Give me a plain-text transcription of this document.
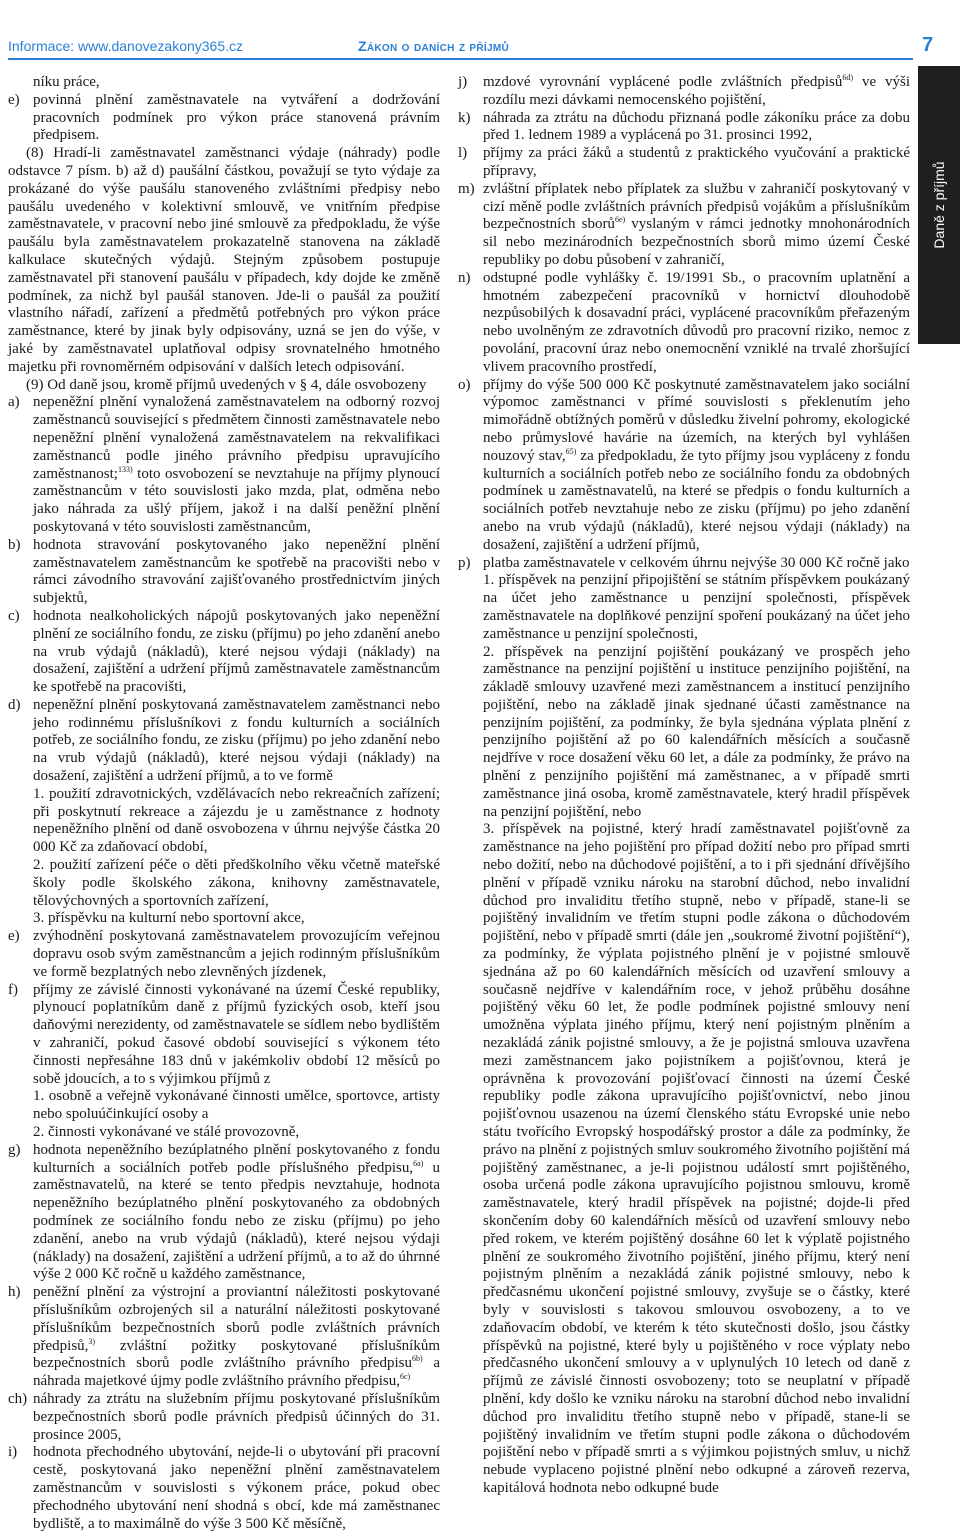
Informace: www.danovezakony365.cz	Zákon o daních z příjmů	7
Daně z příjmů

níku práce,

e) povinná plnění zaměstnavatele na vytváření a dodržování pracovních podmínek pro výkon práce stanovená právním předpisem.

(8) Hradí-li zaměstnavatel zaměstnanci výdaje (náhrady) podle odstavce 7 písm. b) až d) paušální částkou, považují se tyto výdaje za prokázané do výše paušálu stanoveného zvláštními předpisy nebo paušálu uvedeného v kolektivní smlouvě, ve vnitřním předpise zaměstnavatele, v pracovní nebo jiné smlouvě za předpokladu, že výše paušálu byla zaměstnavatelem prokazatelně stanovena na základě kalkulace skutečných výdajů. Stejným způsobem postupuje zaměstnavatel při stanovení paušálu v případech, kdy dojde ke změně podmínek, za nichž byl paušál stanoven. Jde-li o paušál za použití vlastního nářadí, zařízení a předmětů potřebných pro výkon práce zaměstnance, které by jinak byly odpisovány, uzná se jen do výše, v jaké by zaměstnavatel uplatňoval odpisy srovnatelného hmotného majetku při rovnoměrném odpisování v dalších letech odpisování.

(9) Od daně jsou, kromě příjmů uvedených v § 4, dále osvobozeny

a) nepeněžní plnění vynaložená zaměstnavatelem na odborný rozvoj zaměstnanců související s předmětem činnosti zaměstnavatele nebo nepeněžní plnění vynaložená zaměstnavatelem na rekvalifikaci zaměstnanců podle jiného právního předpisu upravujícího zaměstnanost;$^{133)}$ toto osvobození se nevztahuje na příjmy plynoucí zaměstnancům v této souvislosti jako mzda, plat, odměna nebo jako náhrada za ušlý příjem, jakož i na další peněžní plnění poskytovaná v této souvislosti zaměstnancům,
b) hodnota stravování poskytovaného jako nepeněžní plnění zaměstnavatelem zaměstnancům ke spotřebě na pracovišti nebo v rámci závodního stravování zajišťovaného prostřednictvím jiných subjektů,
c) hodnota nealkoholických nápojů poskytovaných jako nepeněžní plnění ze sociálního fondu, ze zisku (příjmu) po jeho zdanění anebo na vrub výdajů (nákladů), které nejsou výdaji (náklady) na dosažení, zajištění a udržení příjmů zaměstnavatele zaměstnancům ke spotřebě na pracovišti,
d) nepeněžní plnění poskytovaná zaměstnavatelem zaměstnanci nebo jeho rodinnému příslušníkovi z fondu kulturních a sociálních potřeb, ze sociálního fondu, ze zisku (příjmu) po jeho zdanění nebo na vrub výdajů (nákladů), které nejsou výdaji (náklady) na dosažení, zajištění a udržení příjmů, a to ve formě

1. použití zdravotnických, vzdělávacích nebo rekreačních zařízení; při poskytnutí rekreace a zájezdu je u zaměstnance z hodnoty nepeněžního plnění od daně osvobozena v úhrnu nejvýše částka 20 000 Kč za zdaňovací období,

2. použití zařízení péče o děti předškolního věku včetně mateřské školy podle školského zákona, knihovny zaměstnavatele, tělovýchovných a sportovních zařízení,

3. příspěvku na kulturní nebo sportovní akce,

e) zvýhodnění poskytovaná zaměstnavatelem provozujícím veřejnou dopravu osob svým zaměstnancům a jejich rodinným příslušníkům ve formě bezplatných nebo zlevněných jízdenek,
f) příjmy ze závislé činnosti vykonávané na území České republiky, plynoucí poplatníkům daně z příjmů fyzických osob, kteří jsou daňovými nerezidenty, od zaměstnavatele se sídlem nebo bydlištěm v zahraničí, pokud časové období související s výkonem této činnosti nepřesáhne 183 dnů v jakémkoliv období 12 měsíců po sobě jdoucích, a to s výjimkou příjmů z

1. osobně a veřejně vykonávané činnosti umělce, sportovce, artisty nebo spoluúčinkující osoby a

2. činnosti vykonávané ve stálé provozovně,

g) hodnota nepeněžního bezúplatného plnění poskytovaného z fondu kulturních a sociálních potřeb podle příslušného předpisu,$^{6a)}$ u zaměstnavatelů, na které se tento předpis nevztahuje, hodnota nepeněžního bezúplatného plnění poskytovaného za obdobných podmínek ze sociálního fondu nebo ze zisku (příjmu) po jeho zdanění, anebo na vrub výdajů (nákladů), které nejsou výdaji (náklady) na dosažení, zajištění a udržení příjmů, a to až do úhrnné výše 2 000 Kč ročně u každého zaměstnance,
h) peněžní plnění za výstrojní a proviantní náležitosti poskytované příslušníkům ozbrojených sil a naturální náležitosti poskytované příslušníkům bezpečnostních sborů podle zvláštních právních předpisů,$^{3)}$ zvláštní požitky poskytované příslušníkům bezpečnostních sborů podle zvláštního právního předpisu$^{6b)}$ a náhrada majetkové újmy podle zvláštního právního předpisu,$^{6c)}$
ch) náhrady za ztrátu na služebním příjmu poskytované příslušníkům bezpečnostních sborů podle právních předpisů účinných do 31. prosince 2005,
i) hodnota přechodného ubytování, nejde-li o ubytování při pracovní cestě, poskytovaná jako nepeněžní plnění zaměstnavatelem zaměstnancům v souvislosti s výkonem práce, pokud obec přechodného ubytování není shodná s obcí, kde má zaměstnanec bydliště, a to maximálně do výše 3 500 Kč měsíčně,
j) mzdové vyrovnání vyplácené podle zvláštních předpisů$^{6d)}$ ve výši rozdílu mezi dávkami nemocenského pojištění,
k) náhrada za ztrátu na důchodu přiznaná podle zákoníku práce za dobu před 1. lednem 1989 a vyplácená po 31. prosinci 1992,
l) příjmy za práci žáků a studentů z praktického vyučování a praktické přípravy,
m) zvláštní příplatek nebo příplatek za službu v zahraničí poskytovaný v cizí měně podle zvláštních právních předpisů vojákům a příslušníkům bezpečnostních sborů$^{6e)}$ vyslaným v rámci jednotky mnohonárodních sil nebo mezinárodních bezpečnostních sborů mimo území České republiky po dobu působení v zahraničí,
n) odstupné podle vyhlášky č. 19/1991 Sb., o pracovním uplatnění a hmotném zabezpečení pracovníků v hornictví dlouhodobě nezpůsobilých k dosavadní práci, vyplácené pracovníkům přeřazeným nebo uvolněným ze zdravotních důvodů pro pracovní riziko, nemoc z povolání, pracovní úraz nebo onemocnění vzniklé na trvalé zhoršující vlivem pracovního prostředí,
o) příjmy do výše 500 000 Kč poskytnuté zaměstnavatelem jako sociální výpomoc zaměstnanci v přímé souvislosti s překlenutím jeho mimořádně obtížných poměrů v důsledku živelní pohromy, ekologické nebo průmyslové havárie na územích, na kterých byl vyhlášen nouzový stav,$^{65)}$ za předpokladu, že tyto příjmy jsou vypláceny z fondu kulturních a sociálních potřeb nebo ze sociálního fondu za obdobných podmínek u zaměstnavatelů, na které se předpis o fondu kulturních a sociálních potřeb nevztahuje nebo ze zisku (příjmu) po jeho zdanění anebo na vrub výdajů (nákladů), které nejsou výdaji (náklady) na dosažení, zajištění a udržení příjmů,
p) platba zaměstnavatele v celkovém úhrnu nejvýše 30 000 Kč ročně jako

1. příspěvek na penzijní připojištění se státním příspěvkem poukázaný na účet jeho zaměstnance u penzijní společnosti, příspěvek zaměstnavatele na doplňkové penzijní spoření poukázaný na účet jeho zaměstnance u penzijní společnosti,

2. příspěvek na penzijní pojištění poukázaný ve prospěch jeho zaměstnance na penzijní pojištění u instituce penzijního pojištění, na základě smlouvy uzavřené mezi zaměstnancem a institucí penzijního pojištění, nebo na základě jinak sjednané účasti zaměstnance na penzijním pojištění, za podmínky, že byla sjednána výplata plnění z penzijního pojištění až po 60 kalendářních měsících a současně nejdříve v roce dosažení věku 60 let, a dále za podmínky, že právo na plnění z penzijního pojištění má zaměstnanec, a v případě smrti zaměstnance jiná osoba, kromě zaměstnavatele, který hradil příspěvek na penzijní pojištění, nebo

3. příspěvek na pojistné, který hradí zaměstnavatel pojišťovně za zaměstnance na jeho pojištění pro případ dožití nebo pro případ smrti nebo dožití, nebo na důchodové pojištění, a to i při sjednání dřívějšího plnění v případě vzniku nároku na starobní důchod, nebo invalidní důchod pro invaliditu třetího stupně, nebo v případě, stane-li se pojištěný invalidním ve třetím stupni podle zákona o důchodovém pojištění, nebo v případě smrti (dále jen „soukromé životní pojištění“), za podmínky, že výplata pojistného plnění je v pojistné smlouvě sjednána až po 60 kalendářních měsících od uzavření smlouvy a současně nejdříve v kalendářním roce, v jehož průběhu dosáhne pojištěný věku 60 let, že podle podmínek pojistné smlouvy není umožněna výplata jiného příjmu, který není pojistným plněním a nezakládá zánik pojistné smlouvy, a že je pojistná smlouva uzavřena mezi zaměstnancem jako pojistníkem a pojišťovnou, která je oprávněna k provozování pojišťovací činnosti na území České republiky podle zákona upravujícího pojišťovnictví, nebo jinou pojišťovnou usazenou na území členského státu Evropské unie nebo státu tvořícího Evropský hospodářský prostor a dále za podmínky, že právo na plnění z pojistných smluv soukromého životního pojištění má pojištěný zaměstnanec, a je-li pojistnou událostí smrt pojištěného, osoba určená podle zákona upravujícího pojistnou smlouvu, kromě zaměstnavatele, který hradil příspěvek na pojistné; dojde-li před skončením doby 60 kalendářních měsíců od uzavření smlouvy nebo před rokem, ve kterém pojištěný dosáhne 60 let k výplatě pojistného plnění ze soukromého životního pojištění, jiného příjmu, který není pojistným plněním a nezakládá zánik pojistné smlouvy, nebo k předčasnému ukončení pojistné smlouvy, zvyšuje se o částky, které byly v souvislosti s takovou smlouvou osvobozeny, a to ve zdaňovacím období, ve kterém k této skutečnosti došlo, jsou částky příspěvků na pojistné, které byly u pojištěného v roce výplaty nebo předčasného ukončení smlouvy a v uplynulých 10 letech od daně z příjmů ze závislé činnosti osvobozeny; toto se neuplatní v případě plnění, kdy došlo ke vzniku nároku na starobní důchod nebo invalidní důchod pro invaliditu třetího stupně nebo v případě, stane-li se pojištěný invalidním ve třetím stupni podle zákona o důchodovém pojištění nebo v případě smrti a s výjimkou pojistných smluv, u nichž nebude vyplaceno pojistné plnění nebo odkupné a zároveň rezerva, kapitálová hodnota nebo odkupné bude
